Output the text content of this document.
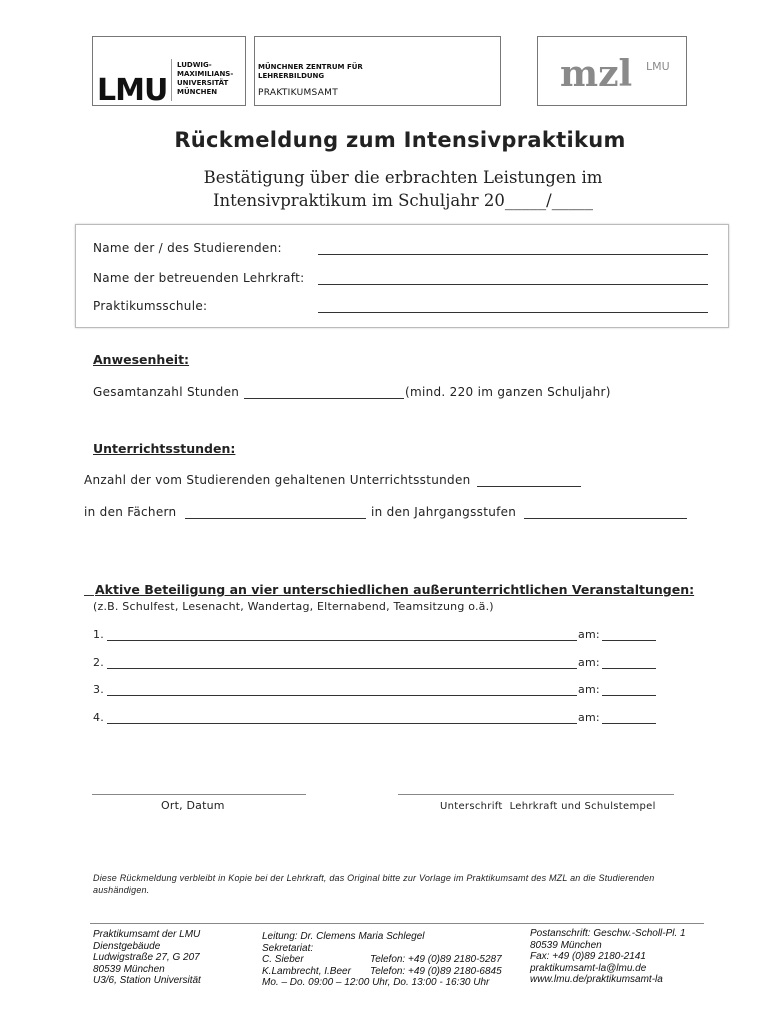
LMU
LUDWIG-
MAXIMILIANS-
UNIVERSITÄT
MÜNCHEN
MÜNCHNER ZENTRUM FÜR
LEHRERBILDUNG
PRAKTIKUMSAMT	mzl LMU
Rückmeldung zum Intensivpraktikum
Bestätigung über die erbrachten Leistungen im
Intensivpraktikum im Schuljahr 20_____/_____
Name der / des Studierenden:
Name der betreuenden Lehrkraft:
Praktikumsschule:
Anwesenheit:
Gesamtanzahl Stunden	(mind. 220 im ganzen Schuljahr)
Unterrichtsstunden:
Anzahl der vom Studierenden gehaltenen Unterrichtsstunden
in den Fächern	in den Jahrgangsstufen
Aktive Beteiligung an vier unterschiedlichen außerunterrichtlichen Veranstaltungen:
(z.B. Schulfest, Lesenacht, Wandertag, Elternabend, Teamsitzung o.ä.)
1.	am:
2.	am:
3.	am:
4.	am:
Ort, Datum	Unterschrift  Lehrkraft und Schulstempel
Diese Rückmeldung verbleibt in Kopie bei der Lehrkraft, das Original bitte zur Vorlage im Praktikumsamt des MZL an die Studierenden aushändigen.
Praktikumsamt der LMU
Dienstgebäude
Ludwigstraße 27, G 207
80539 München
U3/6, Station Universität
Leitung: Dr. Clemens Maria Schlegel
Sekretariat:
C. Sieber	Telefon: +49 (0)89 2180-5287
K.Lambrecht, I.Beer Telefon: +49 (0)89 2180-6845
Mo. – Do. 09:00 – 12:00 Uhr, Do. 13:00 - 16:30 Uhr
Postanschrift: Geschw.-Scholl-Pl. 1
80539 München
Fax: +49 (0)89 2180-2141
praktikumsamt-la@lmu.de
www.lmu.de/praktikumsamt-la
